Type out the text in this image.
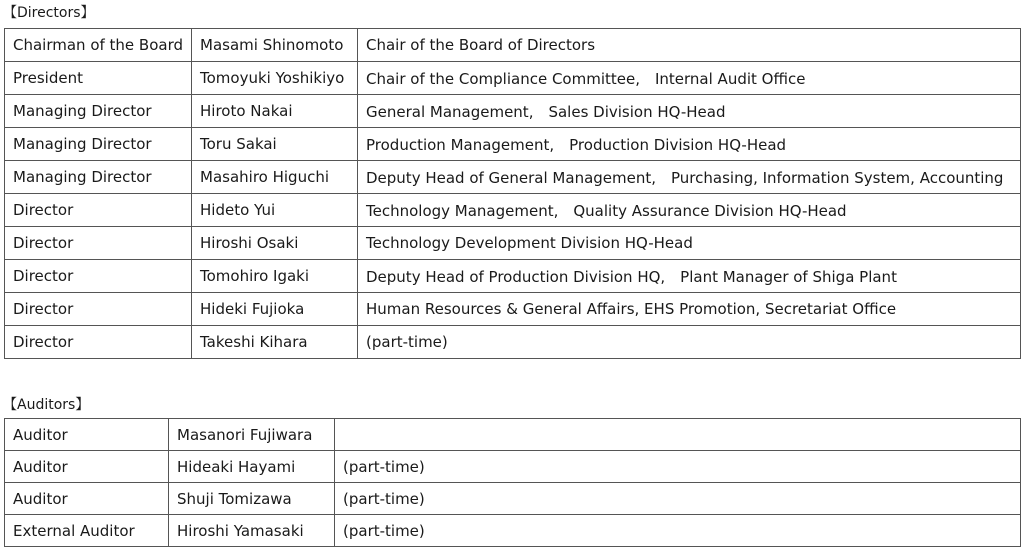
【Directors】
Chairman of the Board	Masami Shinomoto	Chair of the Board of Directors
President	Tomoyuki Yoshikiyo	Chair of the Compliance Committee,　Internal Audit Office
Managing Director	Hiroto Nakai	General Management,　Sales Division HQ-Head
Managing Director	Toru Sakai	Production Management,　Production Division HQ-Head
Managing Director	Masahiro Higuchi	Deputy Head of General Management,　Purchasing, Information System, Accounting
Director	Hideto Yui	Technology Management,　Quality Assurance Division HQ-Head
Director	Hiroshi Osaki	Technology Development Division HQ-Head
Director	Tomohiro Igaki	Deputy Head of Production Division HQ,　Plant Manager of Shiga Plant
Director	Hideki Fujioka	Human Resources & General Affairs, EHS Promotion, Secretariat Office
Director	Takeshi Kihara	(part-time)
【Auditors】
Auditor	Masanori Fujiwara	
Auditor	Hideaki Hayami	(part-time)
Auditor	Shuji Tomizawa	(part-time)
External Auditor	Hiroshi Yamasaki	(part-time)
